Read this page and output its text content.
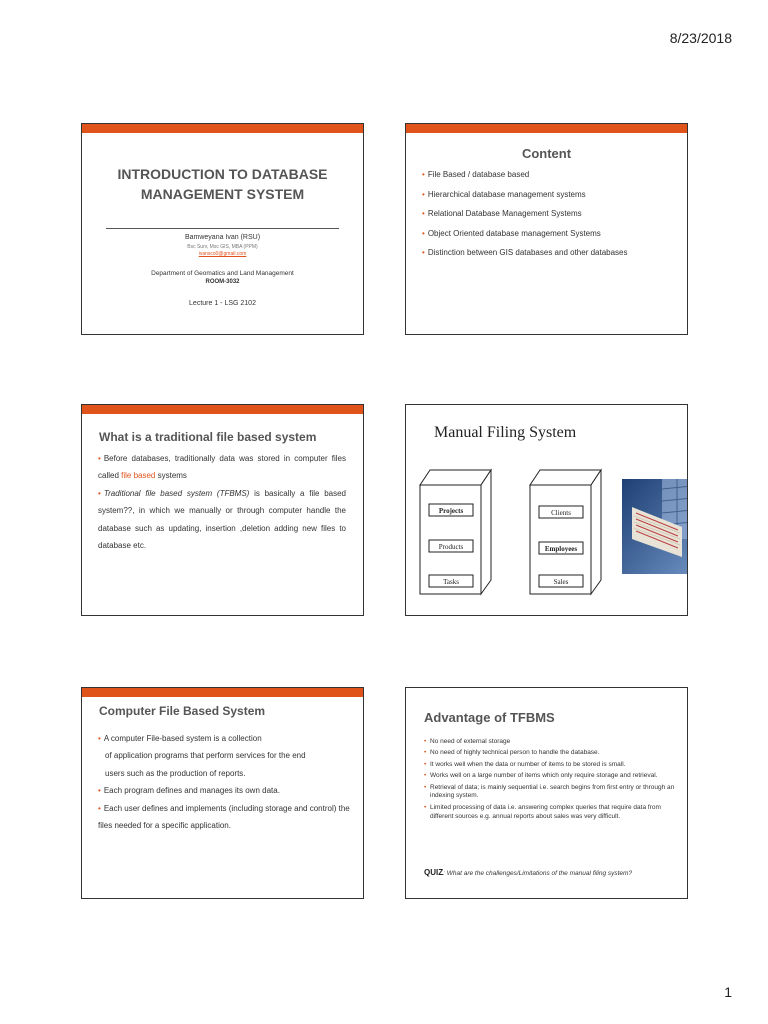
8/23/2018
INTRODUCTION TO DATABASE
MANAGEMENT SYSTEM
Bamweyana Ivan (RSU)
Bsc Surv, Msc GIS, MBA (PPM)
ivansco0@gmail.com
Department of Geomatics and Land Management
ROOM-3032
Lecture 1 - LSG 2102
Content
• File Based / database based
• Hierarchical database management systems
• Relational Database Management Systems
• Object Oriented database management Systems
• Distinction between GIS databases and other databases
What is a traditional file based system
• Before databases, traditionally data was stored in computer files called file based systems
• Traditional file based system (TFBMS) is basically a file based system??, in which we manually or through computer handle the database such as updating, insertion ,deletion adding new files to database etc.
Manual Filing System
Projects
Products
Tasks
Clients
Employees
Sales
Computer File Based System
• A computer File-based system is a collection
of application programs that perform services for the end
users such as the production of reports.
• Each program defines and manages its own data.
• Each user defines and implements (including storage and control) the files needed for a specific application.
Advantage of TFBMS
• No need of external storage
• No need of highly technical person to handle the database.
• It works well when the data or number of items to be stored is small.
• Works well on a large number of items which only require storage and retrieval.
• Retrieval of data; is mainly sequential i.e. search begins from first entry or through an indexing system.
• Limited processing of data i.e. answering complex queries that require data from different sources e.g. annual reports about sales was very difficult.
QUIZ: What are the challenges/Limitations of the manual filing system?
1
